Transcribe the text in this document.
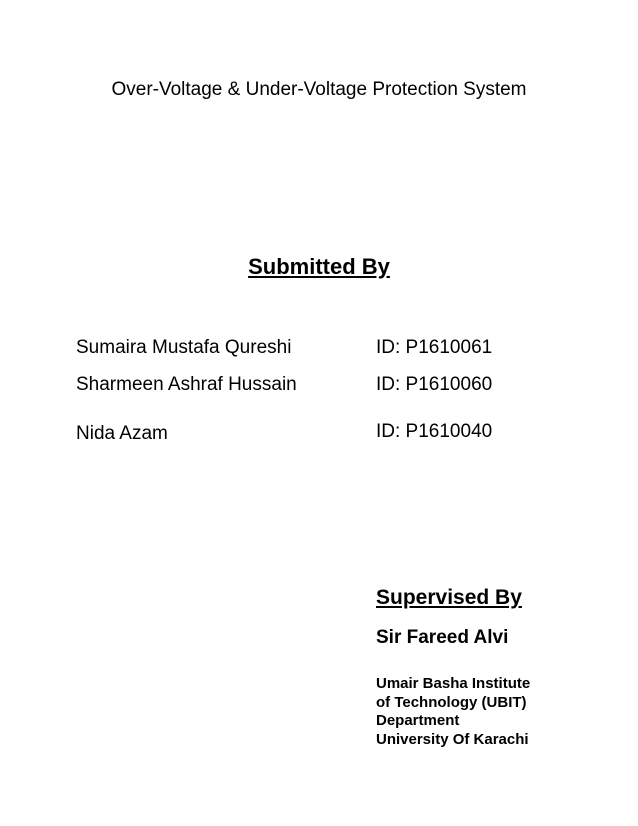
Over-Voltage & Under-Voltage Protection System
Submitted By
Sumaira Mustafa Qureshi	ID: P1610061
Sharmeen Ashraf Hussain	ID: P1610060
Nida Azam	ID: P1610040
Supervised By
Sir Fareed Alvi
Umair Basha Institute
of Technology (UBIT)
Department
University Of Karachi
